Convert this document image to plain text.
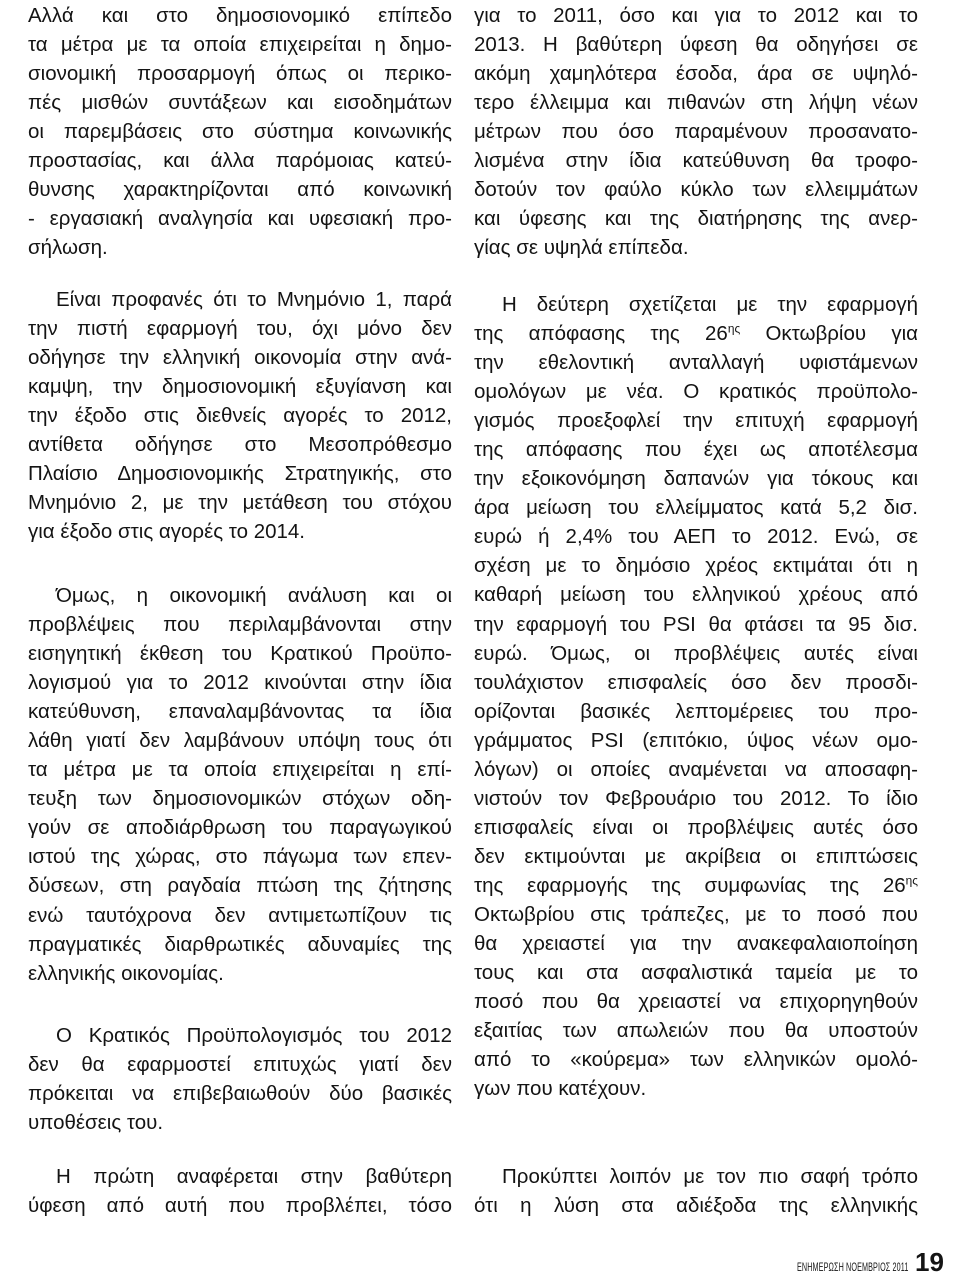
Αλλά και στο δημοσιονομικό επίπεδο
τα μέτρα με τα οποία επιχειρείται η δημο-
σιονομική προσαρμογή όπως οι περικο-
πές μισθών συντάξεων και εισοδημάτων
οι παρεμβάσεις στο σύστημα κοινωνικής
προστασίας, και άλλα παρόμοιας κατεύ-
θυνσης χαρακτηρίζονται από κοινωνική
- εργασιακή αναλγησία και υφεσιακή προ-
σήλωση.
Είναι προφανές ότι το Μνημόνιο 1, παρά
την πιστή εφαρμογή του, όχι μόνο δεν
οδήγησε την ελληνική οικονομία στην ανά-
καμψη, την δημοσιονομική εξυγίανση και
την έξοδο στις διεθνείς αγορές το 2012,
αντίθετα οδήγησε στο Μεσοπρόθεσμο
Πλαίσιο Δημοσιονομικής Στρατηγικής, στο
Μνημόνιο 2, με την μετάθεση του στόχου
για έξοδο στις αγορές το 2014.
Όμως, η οικονομική ανάλυση και οι
προβλέψεις που περιλαμβάνονται στην
εισηγητική έκθεση του Κρατικού Προϋπο-
λογισμού για το 2012 κινούνται στην ίδια
κατεύθυνση, επαναλαμβάνοντας τα ίδια
λάθη γιατί δεν λαμβάνουν υπόψη τους ότι
τα μέτρα με τα οποία επιχειρείται η επί-
τευξη των δημοσιονομικών στόχων οδη-
γούν σε αποδιάρθρωση του παραγωγικού
ιστού της χώρας, στο πάγωμα των επεν-
δύσεων, στη ραγδαία πτώση της ζήτησης
ενώ ταυτόχρονα δεν αντιμετωπίζουν τις
πραγματικές διαρθρωτικές αδυναμίες της
ελληνικής οικονομίας.
Ο Κρατικός Προϋπολογισμός του 2012
δεν θα εφαρμοστεί επιτυχώς γιατί δεν
πρόκειται να επιβεβαιωθούν δύο βασικές
υποθέσεις του.
Η πρώτη αναφέρεται στην βαθύτερη
ύφεση από αυτή που προβλέπει, τόσο
για το 2011, όσο και για το 2012 και το
2013. Η βαθύτερη ύφεση θα οδηγήσει σε
ακόμη χαμηλότερα έσοδα, άρα σε υψηλό-
τερο έλλειμμα και πιθανών στη λήψη νέων
μέτρων που όσο παραμένουν προσανατο-
λισμένα στην ίδια κατεύθυνση θα τροφο-
δοτούν τον φαύλο κύκλο των ελλειμμάτων
και ύφεσης και της διατήρησης της ανερ-
γίας σε υψηλά επίπεδα.
Η δεύτερη σχετίζεται με την εφαρμογή
της απόφασης της $26^{\eta\varsigma}$ Οκτωβρίου για
την εθελοντική ανταλλαγή υφιστάμενων
ομολόγων με νέα. Ο κρατικός προϋπολο-
γισμός προεξοφλεί την επιτυχή εφαρμογή
της απόφασης που έχει ως αποτέλεσμα
την εξοικονόμηση δαπανών για τόκους και
άρα μείωση του ελλείμματος κατά 5,2 δισ.
ευρώ ή 2,4% του ΑΕΠ το 2012. Ενώ, σε
σχέση με το δημόσιο χρέος εκτιμάται ότι η
καθαρή μείωση του ελληνικού χρέους από
την εφαρμογή του PSI θα φτάσει τα 95 δισ.
ευρώ. Όμως, οι προβλέψεις αυτές είναι
τουλάχιστον επισφαλείς όσο δεν προσδι-
ορίζονται βασικές λεπτομέρειες του προ-
γράμματος PSI (επιτόκιο, ύψος νέων ομο-
λόγων) οι οποίες αναμένεται να αποσαφη-
νιστούν τον Φεβρουάριο του 2012. Το ίδιο
επισφαλείς είναι οι προβλέψεις αυτές όσο
δεν εκτιμούνται με ακρίβεια οι επιπτώσεις
της εφαρμογής της συμφωνίας της $26^{\eta\varsigma}$
Οκτωβρίου στις τράπεζες, με το ποσό που
θα χρειαστεί για την ανακεφαλαιοποίηση
τους και στα ασφαλιστικά ταμεία με το
ποσό που θα χρειαστεί να επιχορηγηθούν
εξαιτίας των απωλειών που θα υποστούν
από το «κούρεμα» των ελληνικών ομολό-
γων που κατέχουν.
Προκύπτει λοιπόν με τον πιο σαφή τρόπο
ότι η λύση στα αδιέξοδα της ελληνικής
ΕΝΗΜΕΡΩΣΗ ΝΟΕΜΒΡΙΟΣ 2011 19
